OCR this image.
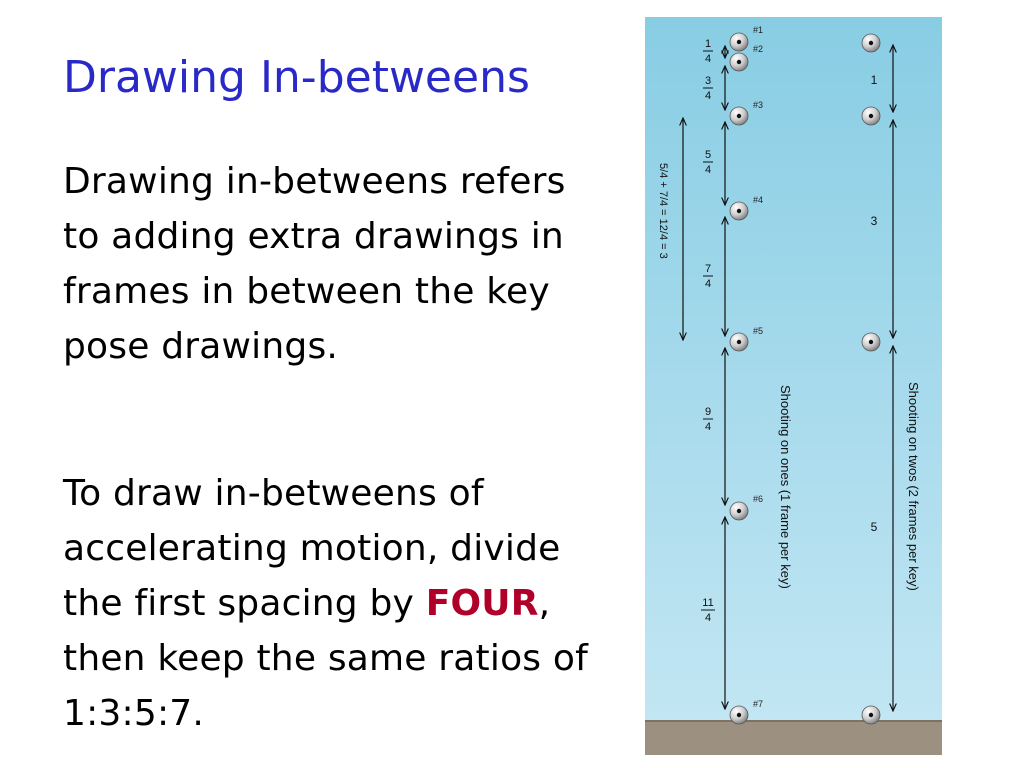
Drawing In-betweens
Drawing in-betweens refers to adding extra drawings in frames in between the key pose drawings.
To draw in-betweens of accelerating motion, divide the first spacing by FOUR, then keep the same ratios of 1:3:5:7.
1
4
3
4
5
4
7
4
9
4
11
4
5/4 + 7/4 = 12/4 = 3
Shooting on ones (1 frame per key)	Shooting on twos (2 frames per key)
1
3
5
#1
#2
#3
#4
#5
#6
#7
